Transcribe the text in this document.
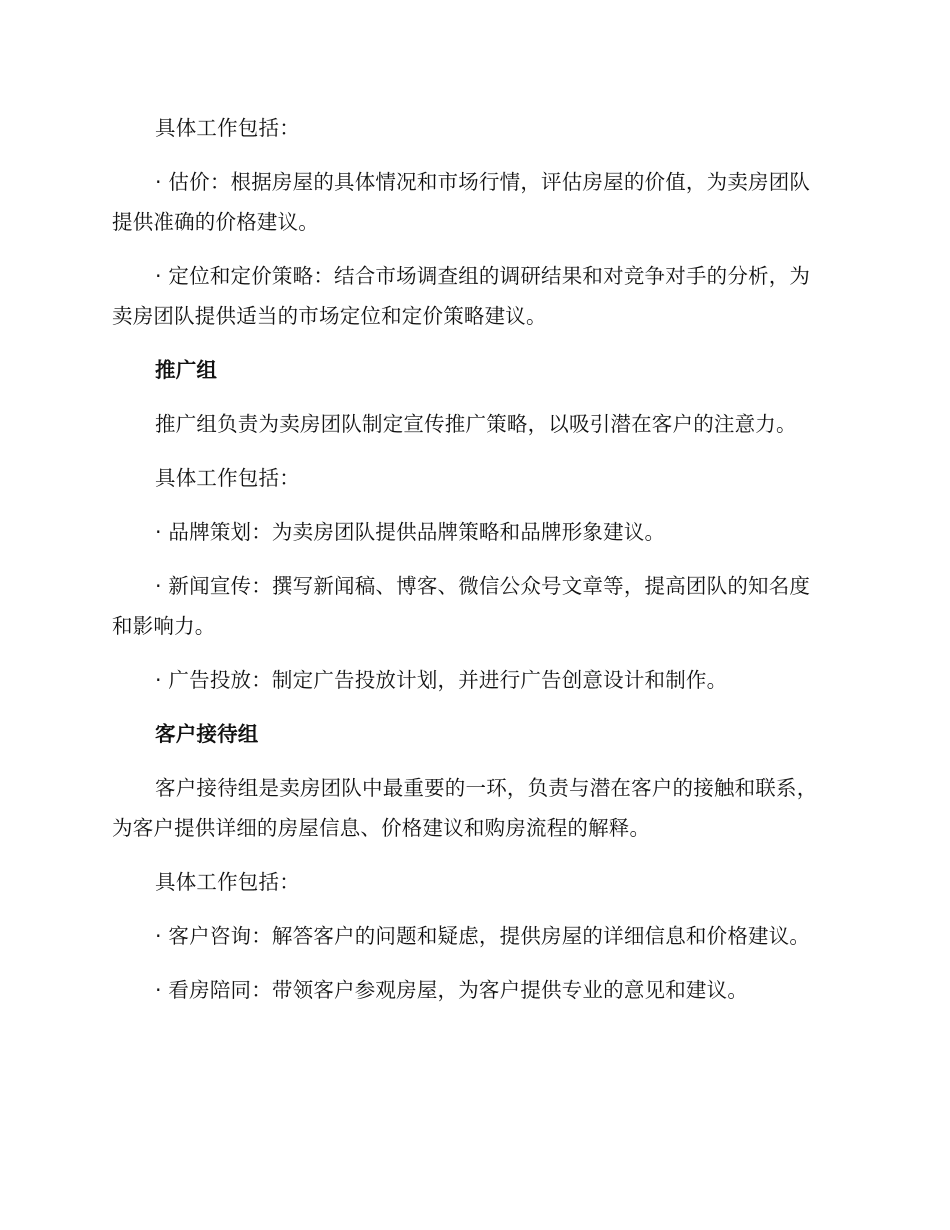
具体工作包括：

· 估价：根据房屋的具体情况和市场行情，评估房屋的价值，为卖房团队提供准确的价格建议。

· 定位和定价策略：结合市场调查组的调研结果和对竞争对手的分析，为卖房团队提供适当的市场定位和定价策略建议。

推广组

推广组负责为卖房团队制定宣传推广策略，以吸引潜在客户的注意力。

具体工作包括：

· 品牌策划：为卖房团队提供品牌策略和品牌形象建议。

· 新闻宣传：撰写新闻稿、博客、微信公众号文章等，提高团队的知名度和影响力。

· 广告投放：制定广告投放计划，并进行广告创意设计和制作。

客户接待组

客户接待组是卖房团队中最重要的一环，负责与潜在客户的接触和联系，为客户提供详细的房屋信息、价格建议和购房流程的解释。

具体工作包括：

· 客户咨询：解答客户的问题和疑虑，提供房屋的详细信息和价格建议。

· 看房陪同：带领客户参观房屋，为客户提供专业的意见和建议。
